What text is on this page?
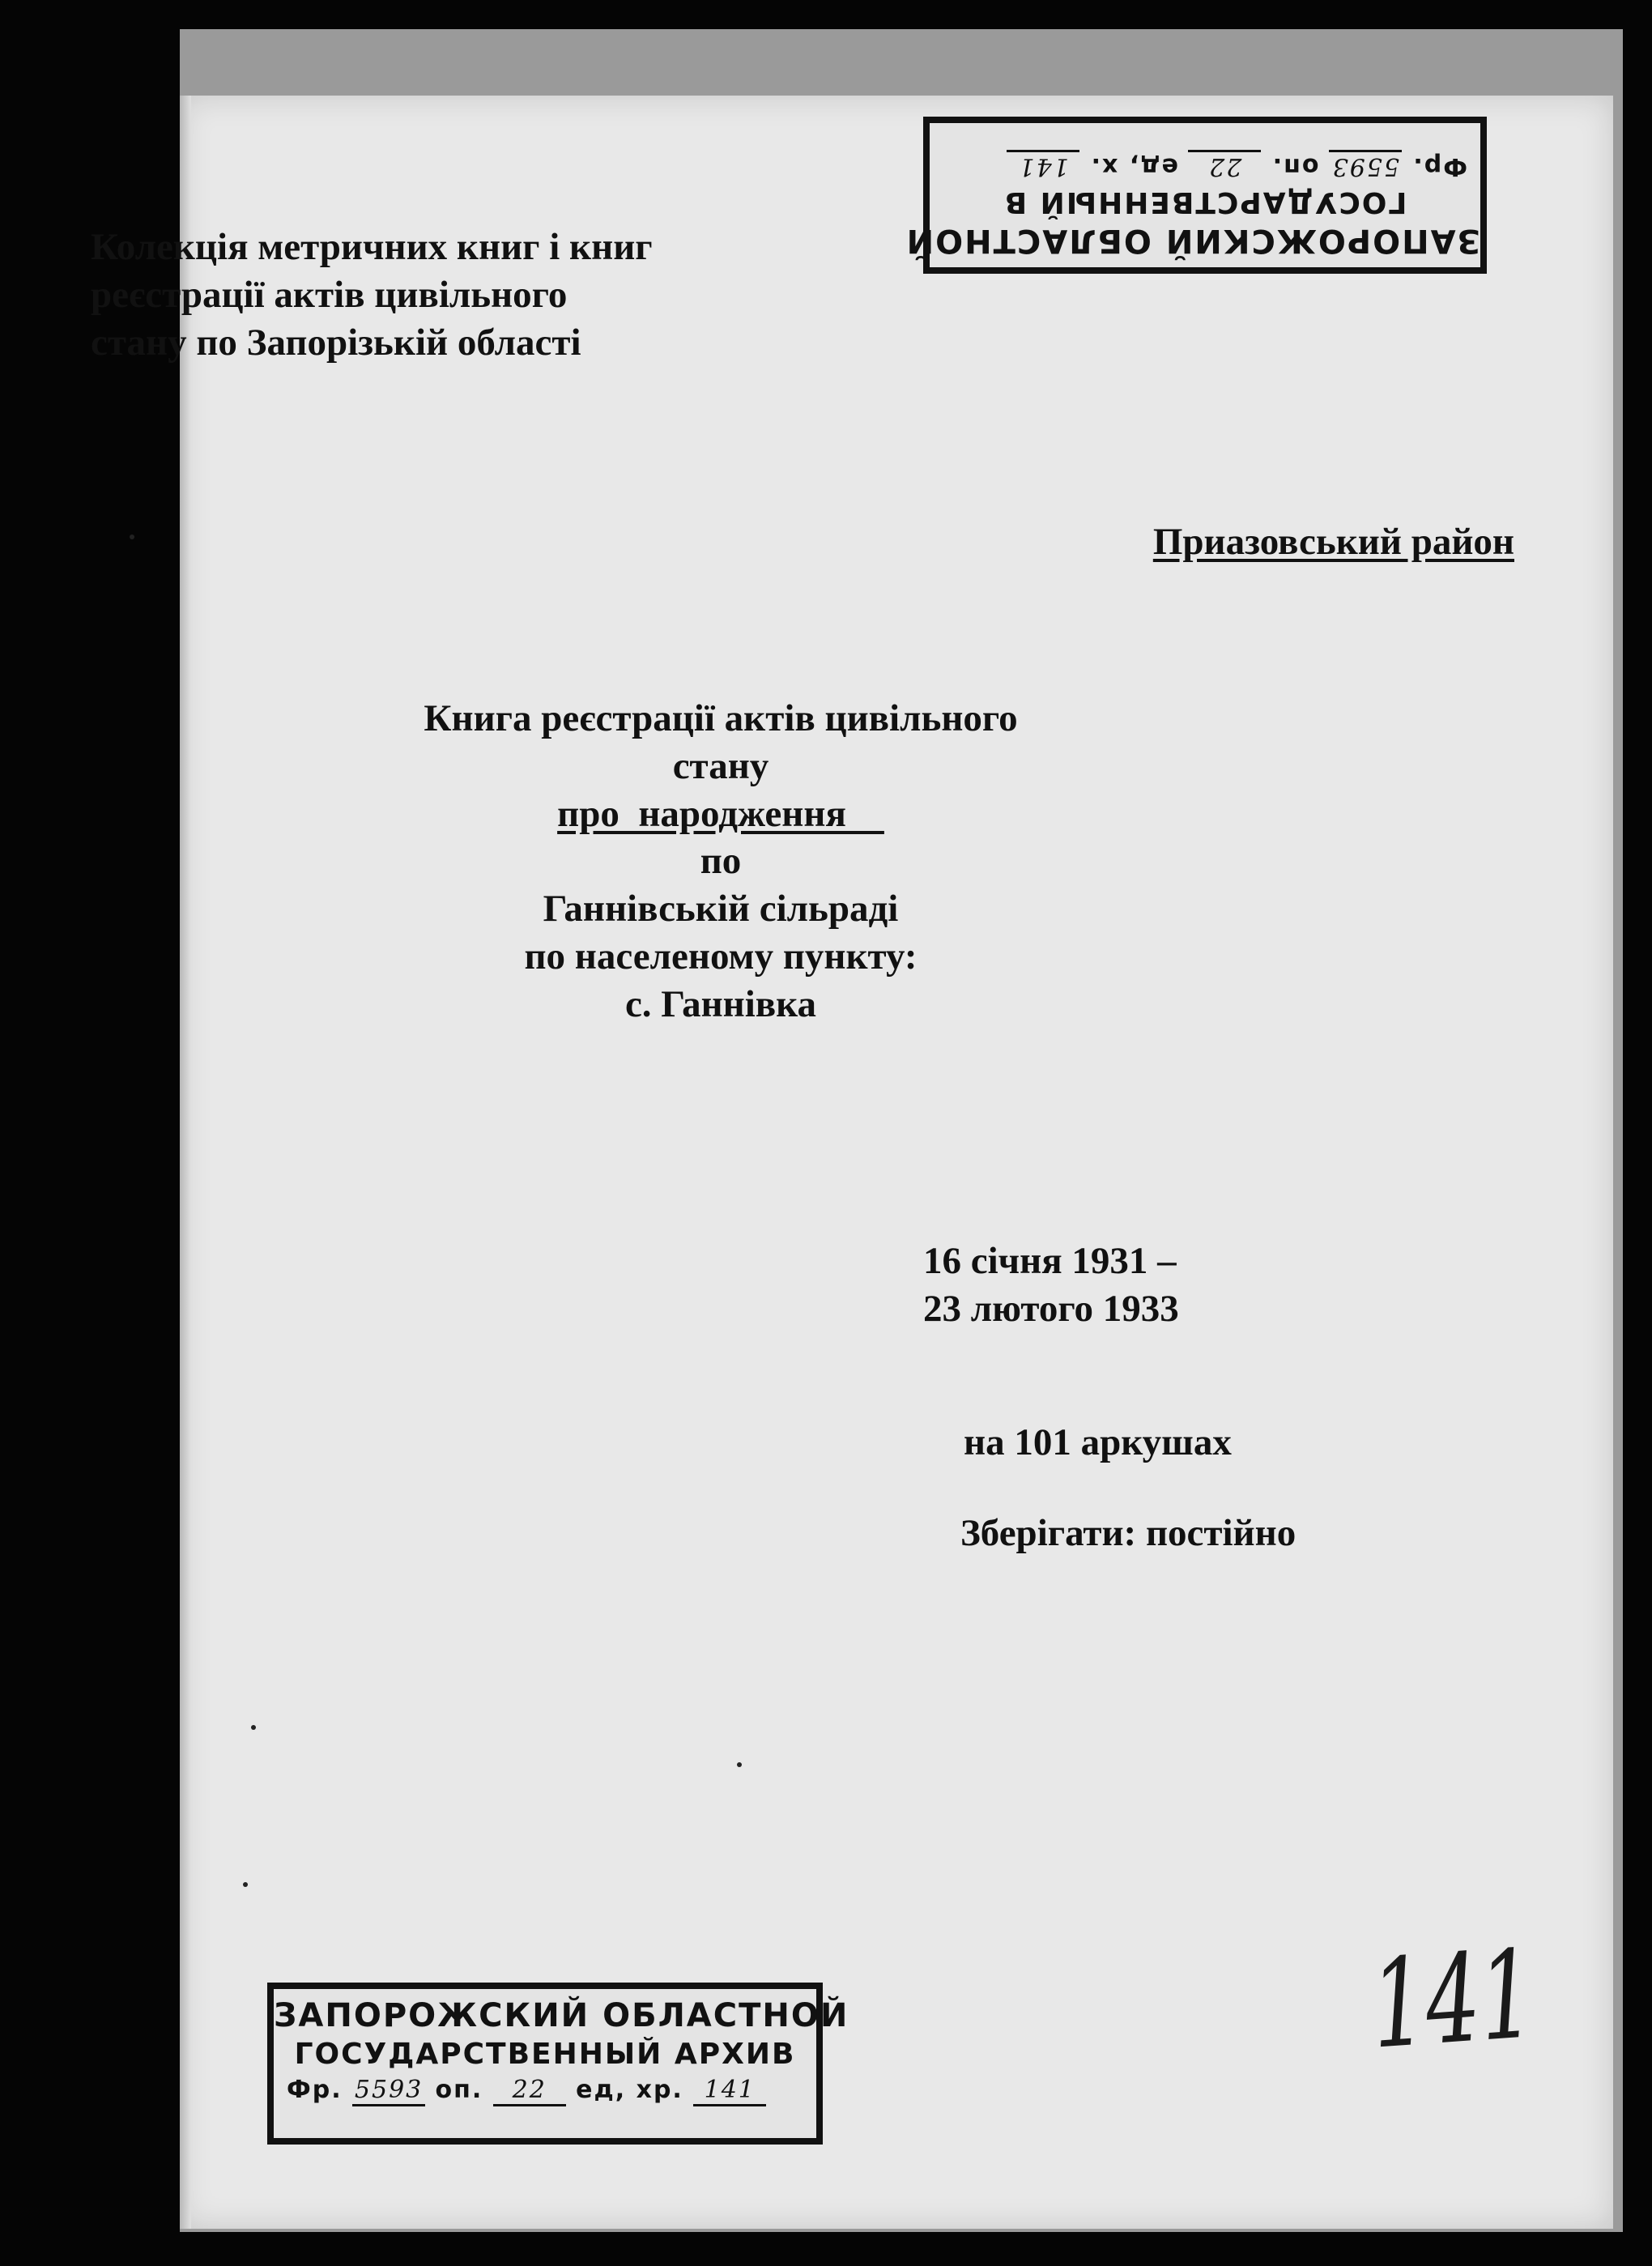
ЗАПОРОЖСКИЙ ОБЛАСТНОЙ
ГОСУДАРСТВЕННЫЙ В
Фр. 5593 оп. 22 ед, х. 141
Колекція метричних книг і книг
реєстрації актів цивільного
стану по Запорізькій області
Приазовський район
Книга реєстрації актів цивільного
стану
про  народження
по
Ганнівській сільраді
по населеному пункту:
с. Ганнівка
16 січня 1931 –
23 лютого 1933
на 101 аркушах
Зберігати: постійно
ЗАПОРОЖСКИЙ ОБЛАСТНОЙ
ГОСУДАРСТВЕННЫЙ АРХИВ
Фр. 5593 оп. 22 ед, хр. 141
141
